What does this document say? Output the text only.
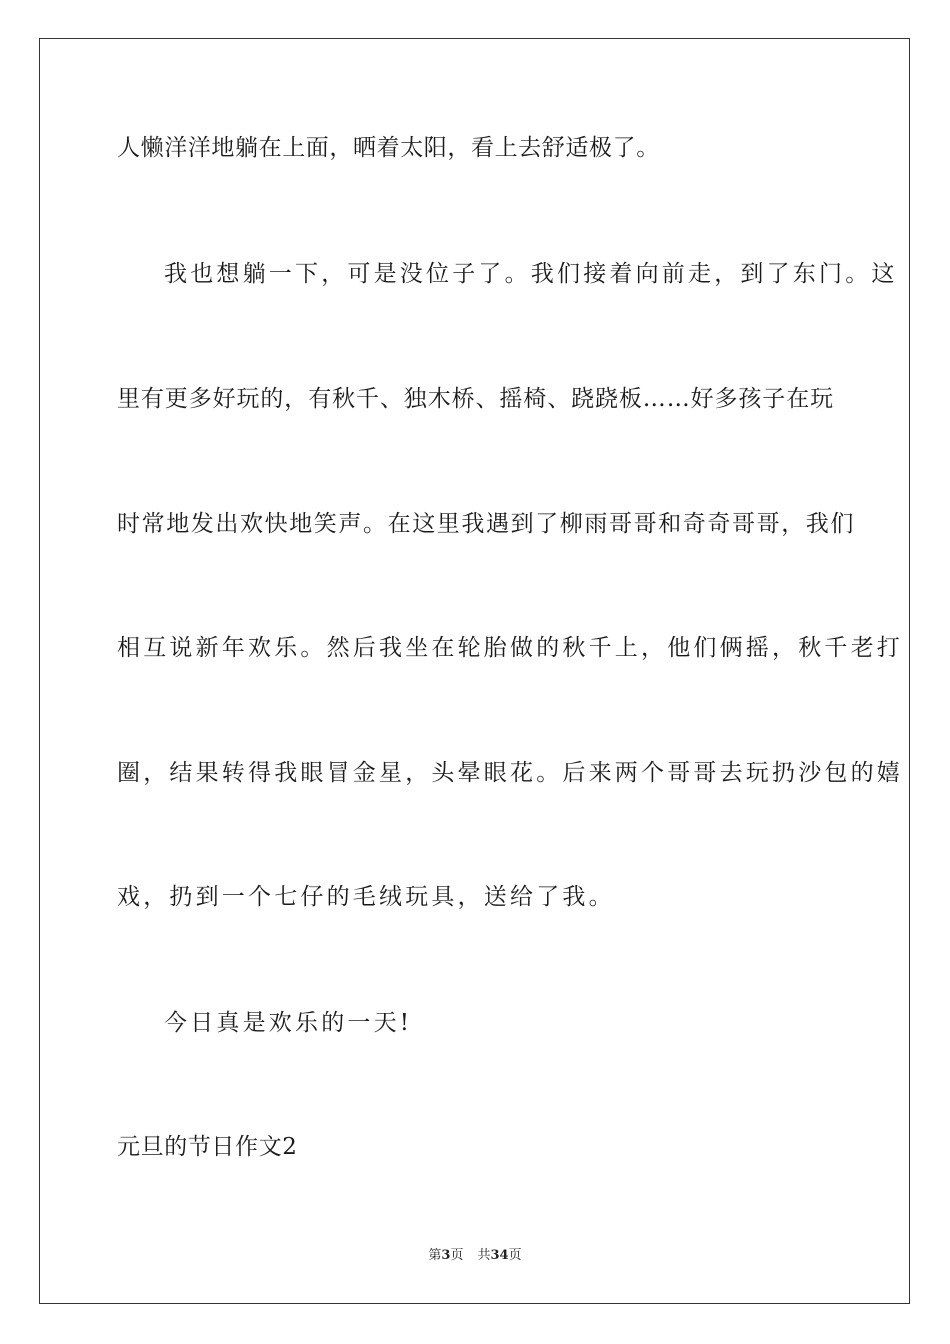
人懒洋洋地躺在上面，晒着太阳，看上去舒适极了。
我也想躺一下，可是没位子了。我们接着向前走，到了东门。这
里有更多好玩的，有秋千、独木桥、摇椅、跷跷板……好多孩子在玩
时常地发出欢快地笑声。在这里我遇到了柳雨哥哥和奇奇哥哥，我们
相互说新年欢乐。然后我坐在轮胎做的秋千上，他们俩摇，秋千老打
圈，结果转得我眼冒金星，头晕眼花。后来两个哥哥去玩扔沙包的嬉
戏，扔到一个七仔的毛绒玩具，送给了我。
今日真是欢乐的一天!
元旦的节日作文2
第3页 共34页
